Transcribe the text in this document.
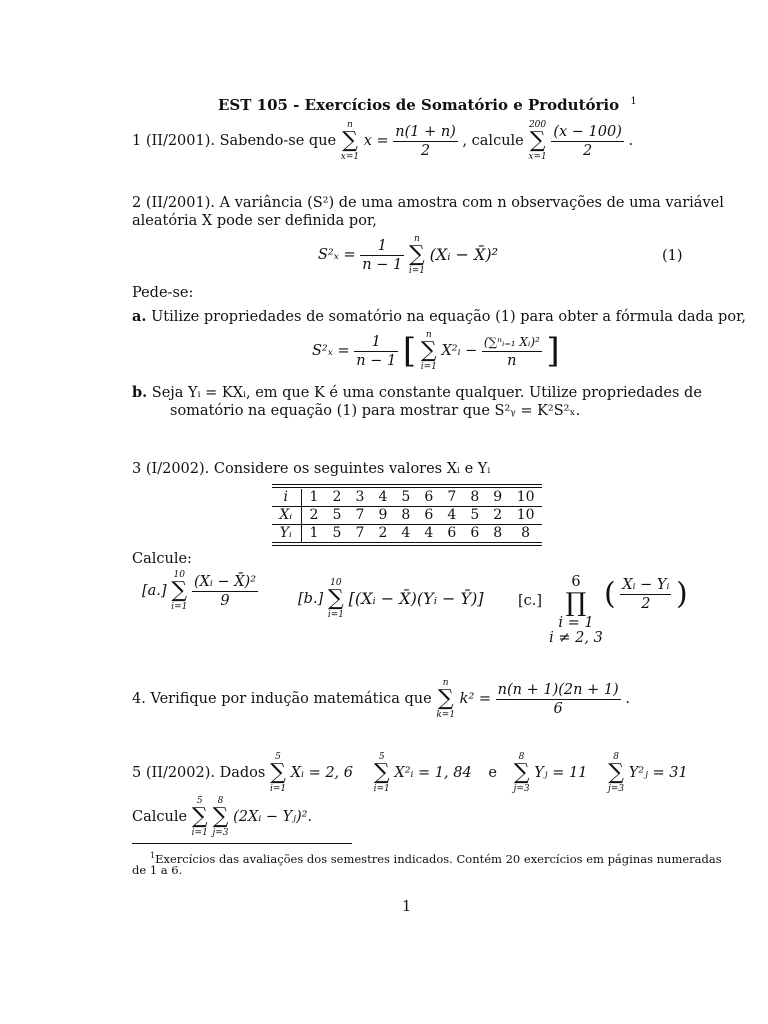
EST 105 - Exercícios de Somatório e Produtório $^1$
1 (II/2001). Sabendo-se que
n
∑
x=1
$x = \frac{n(1 + n)}{2}$ , calcule
200
∑
x=1
$\frac{(x - 100)}{2}$ .
2 (II/2001). A variância (S²) de uma amostra com n observações de uma variável
aleatória X pode ser definida por,
$S^2_x = \frac{1}{n - 1}$
	n
∑
i=1
(Xᵢ − X̄)²	(1)
Pede-se:
a. Utilize propriedades de somatório na equação (1) para obter a fórmula dada por,
$S^2_x = \frac{1}{n - 1}$ [	n
∑
i=1
X²ᵢ − $\frac{\text{(∑ⁿᵢ₌₁ Xᵢ)²}}{n}$ ]
b. Seja Yᵢ = KXᵢ, em que K é uma constante qualquer. Utilize propriedades de
somatório na equação (1) para mostrar que S²ᵧ = K²S²ₓ.
3 (I/2002). Considere os seguintes valores Xᵢ e Yᵢ
i	1	2	3	4	5	6	7	8	9	10
Xᵢ	2	5	7	9	8	6	4	5	2	10
Yᵢ	1	5	7	2	4	4	6	6	8	8
Calcule:
[a.]
10
∑
i=1
$\frac{\text{(Xᵢ − X̄)²}}{9}$	[b.]
10
∑
i=1
[(Xᵢ − X̄)(Yᵢ − Ȳ)] [c.]
6
∏
i = 1
i ≠ 2, 3
( $\frac{\text{Xᵢ − Yᵢ}}{2}$ )
4. Verifique por indução matemática que
n
∑
k=1
$k^2 = \frac{n(n + 1)(2n + 1)}{6}$ .
5 (II/2002). Dados
5
∑
i=1
Xᵢ = 2, 6
5
∑
i=1
X²ᵢ = 1, 84 e
8
∑
j=3
Yⱼ = 11
8
∑
j=3
Y²ⱼ = 31
Calcule
5
∑
i=1

8
∑
j=3
(2Xᵢ − Yⱼ)².
$^1$Exercícios das avaliações dos semestres indicados. Contém 20 exercícios em páginas numeradas
de 1 a 6.
1
